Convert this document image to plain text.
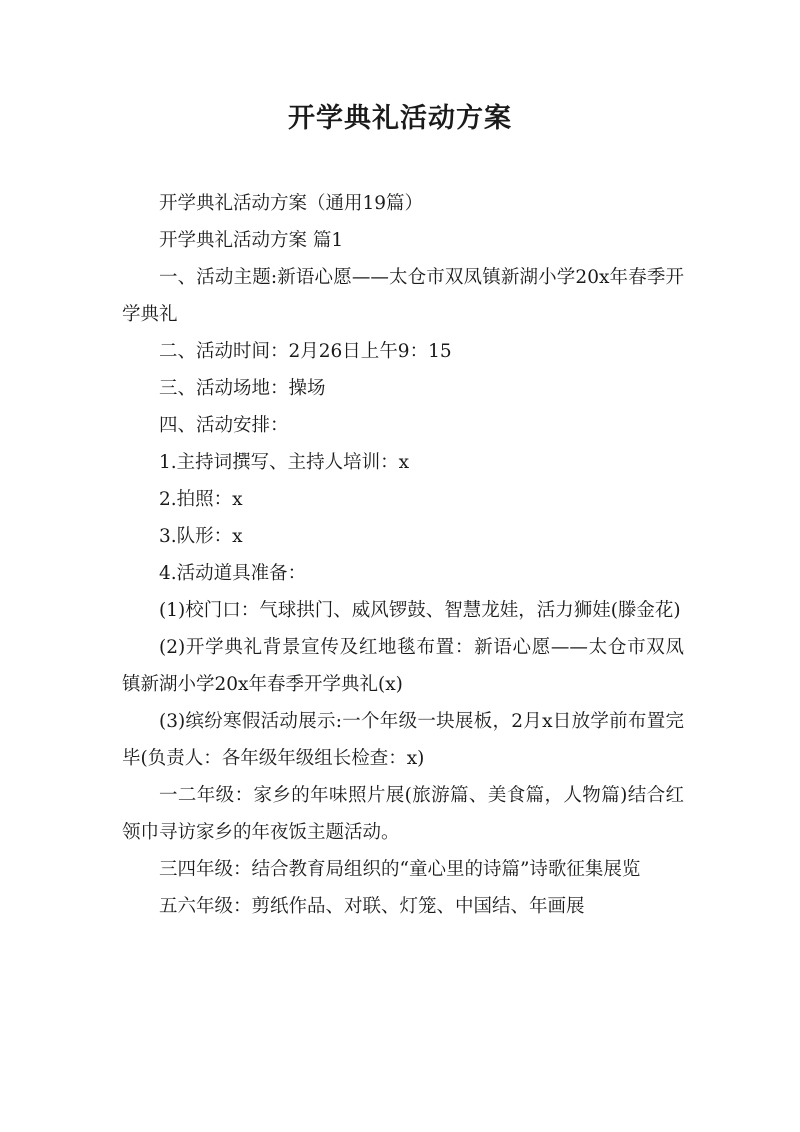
开学典礼活动方案

开学典礼活动方案（通用19篇）

开学典礼活动方案 篇1

一、活动主题:新语心愿——太仓市双凤镇新湖小学20x年春季开学典礼

二、活动时间：2月26日上午9：15

三、活动场地：操场

四、活动安排：

1.主持词撰写、主持人培训：x

2.拍照：x

3.队形：x

4.活动道具准备：

(1)校门口：气球拱门、威风锣鼓、智慧龙娃，活力狮娃(滕金花)

(2)开学典礼背景宣传及红地毯布置：新语心愿——太仓市双凤镇新湖小学20x年春季开学典礼(x)

(3)缤纷寒假活动展示:一个年级一块展板，2月x日放学前布置完毕(负责人：各年级年级组长检查：x)

一二年级：家乡的年味照片展(旅游篇、美食篇，人物篇)结合红领巾寻访家乡的年夜饭主题活动。

三四年级：结合教育局组织的“童心里的诗篇”诗歌征集展览

五六年级：剪纸作品、对联、灯笼、中国结、年画展
